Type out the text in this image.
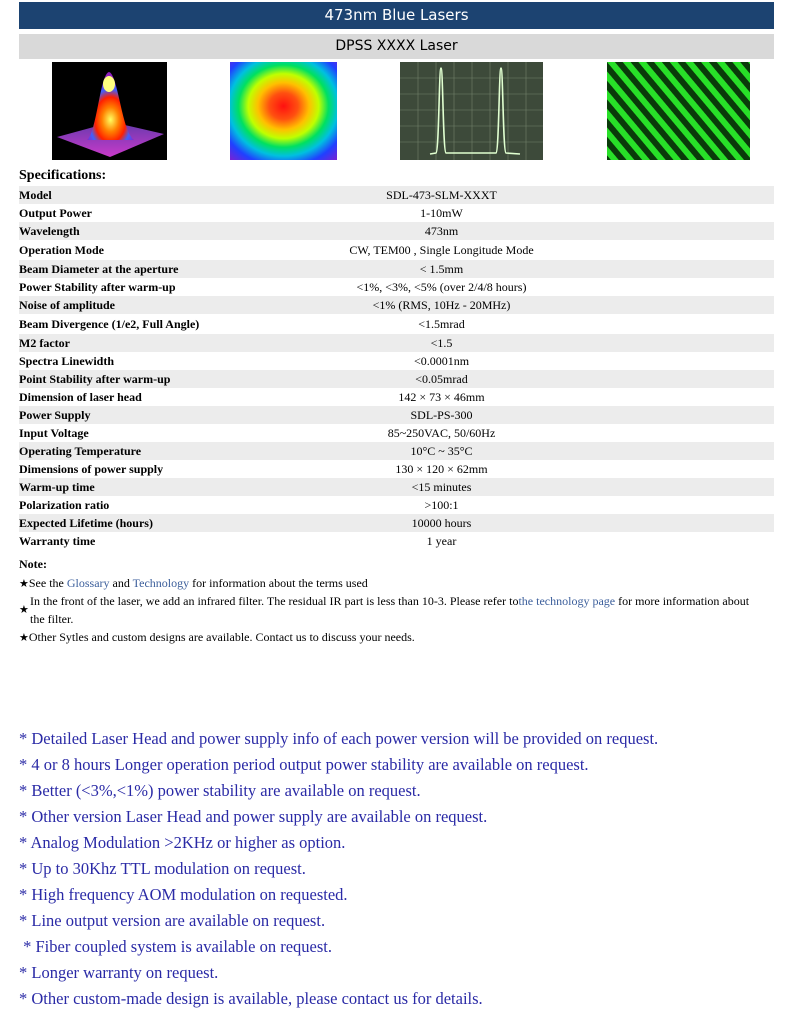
473nm Blue Lasers
DPSS XXXX Laser
Specifications:
Model	SDL-473-SLM-XXXT
Output Power	1-10mW
Wavelength	473nm
Operation Mode	CW, TEM00 , Single Longitude Mode
Beam Diameter at the aperture	< 1.5mm
Power Stability after warm-up	<1%, <3%, <5% (over 2/4/8 hours)
Noise of amplitude	<1% (RMS, 10Hz - 20MHz)
Beam Divergence (1/e2, Full Angle)	<1.5mrad
M2 factor	<1.5
Spectra Linewidth	<0.0001nm
Point Stability after warm-up	<0.05mrad
Dimension of laser head	142 × 73 × 46mm
Power Supply	SDL-PS-300
Input Voltage	85~250VAC, 50/60Hz
Operating Temperature	10°C ~ 35°C
Dimensions of power supply	130 × 120 × 62mm
Warm-up time	<15 minutes
Polarization ratio	>100:1
Expected Lifetime (hours)	10000 hours
Warranty time	1 year
Note:
★See the Glossary and Technology for information about the terms used
★
In the front of the laser, we add an infrared filter. The residual IR part is less than 10-3. Please refer tothe technology page for more information about the filter.
★Other Sytles and custom designs are available. Contact us to discuss your needs.
* Detailed Laser Head and power supply info of each power version will be provided on request.
* 4 or 8 hours Longer operation period output power stability are available on request.
* Better (<3%,<1%) power stability are available on request.
* Other version Laser Head and power supply are available on request.
* Analog Modulation >2KHz or higher as option.
* Up to 30Khz TTL modulation on request.
* High frequency AOM modulation on requested.
* Line output version are available on request.
* Fiber coupled system is available on request.
* Longer warranty on request.
* Other custom-made design is available, please contact us for details.
